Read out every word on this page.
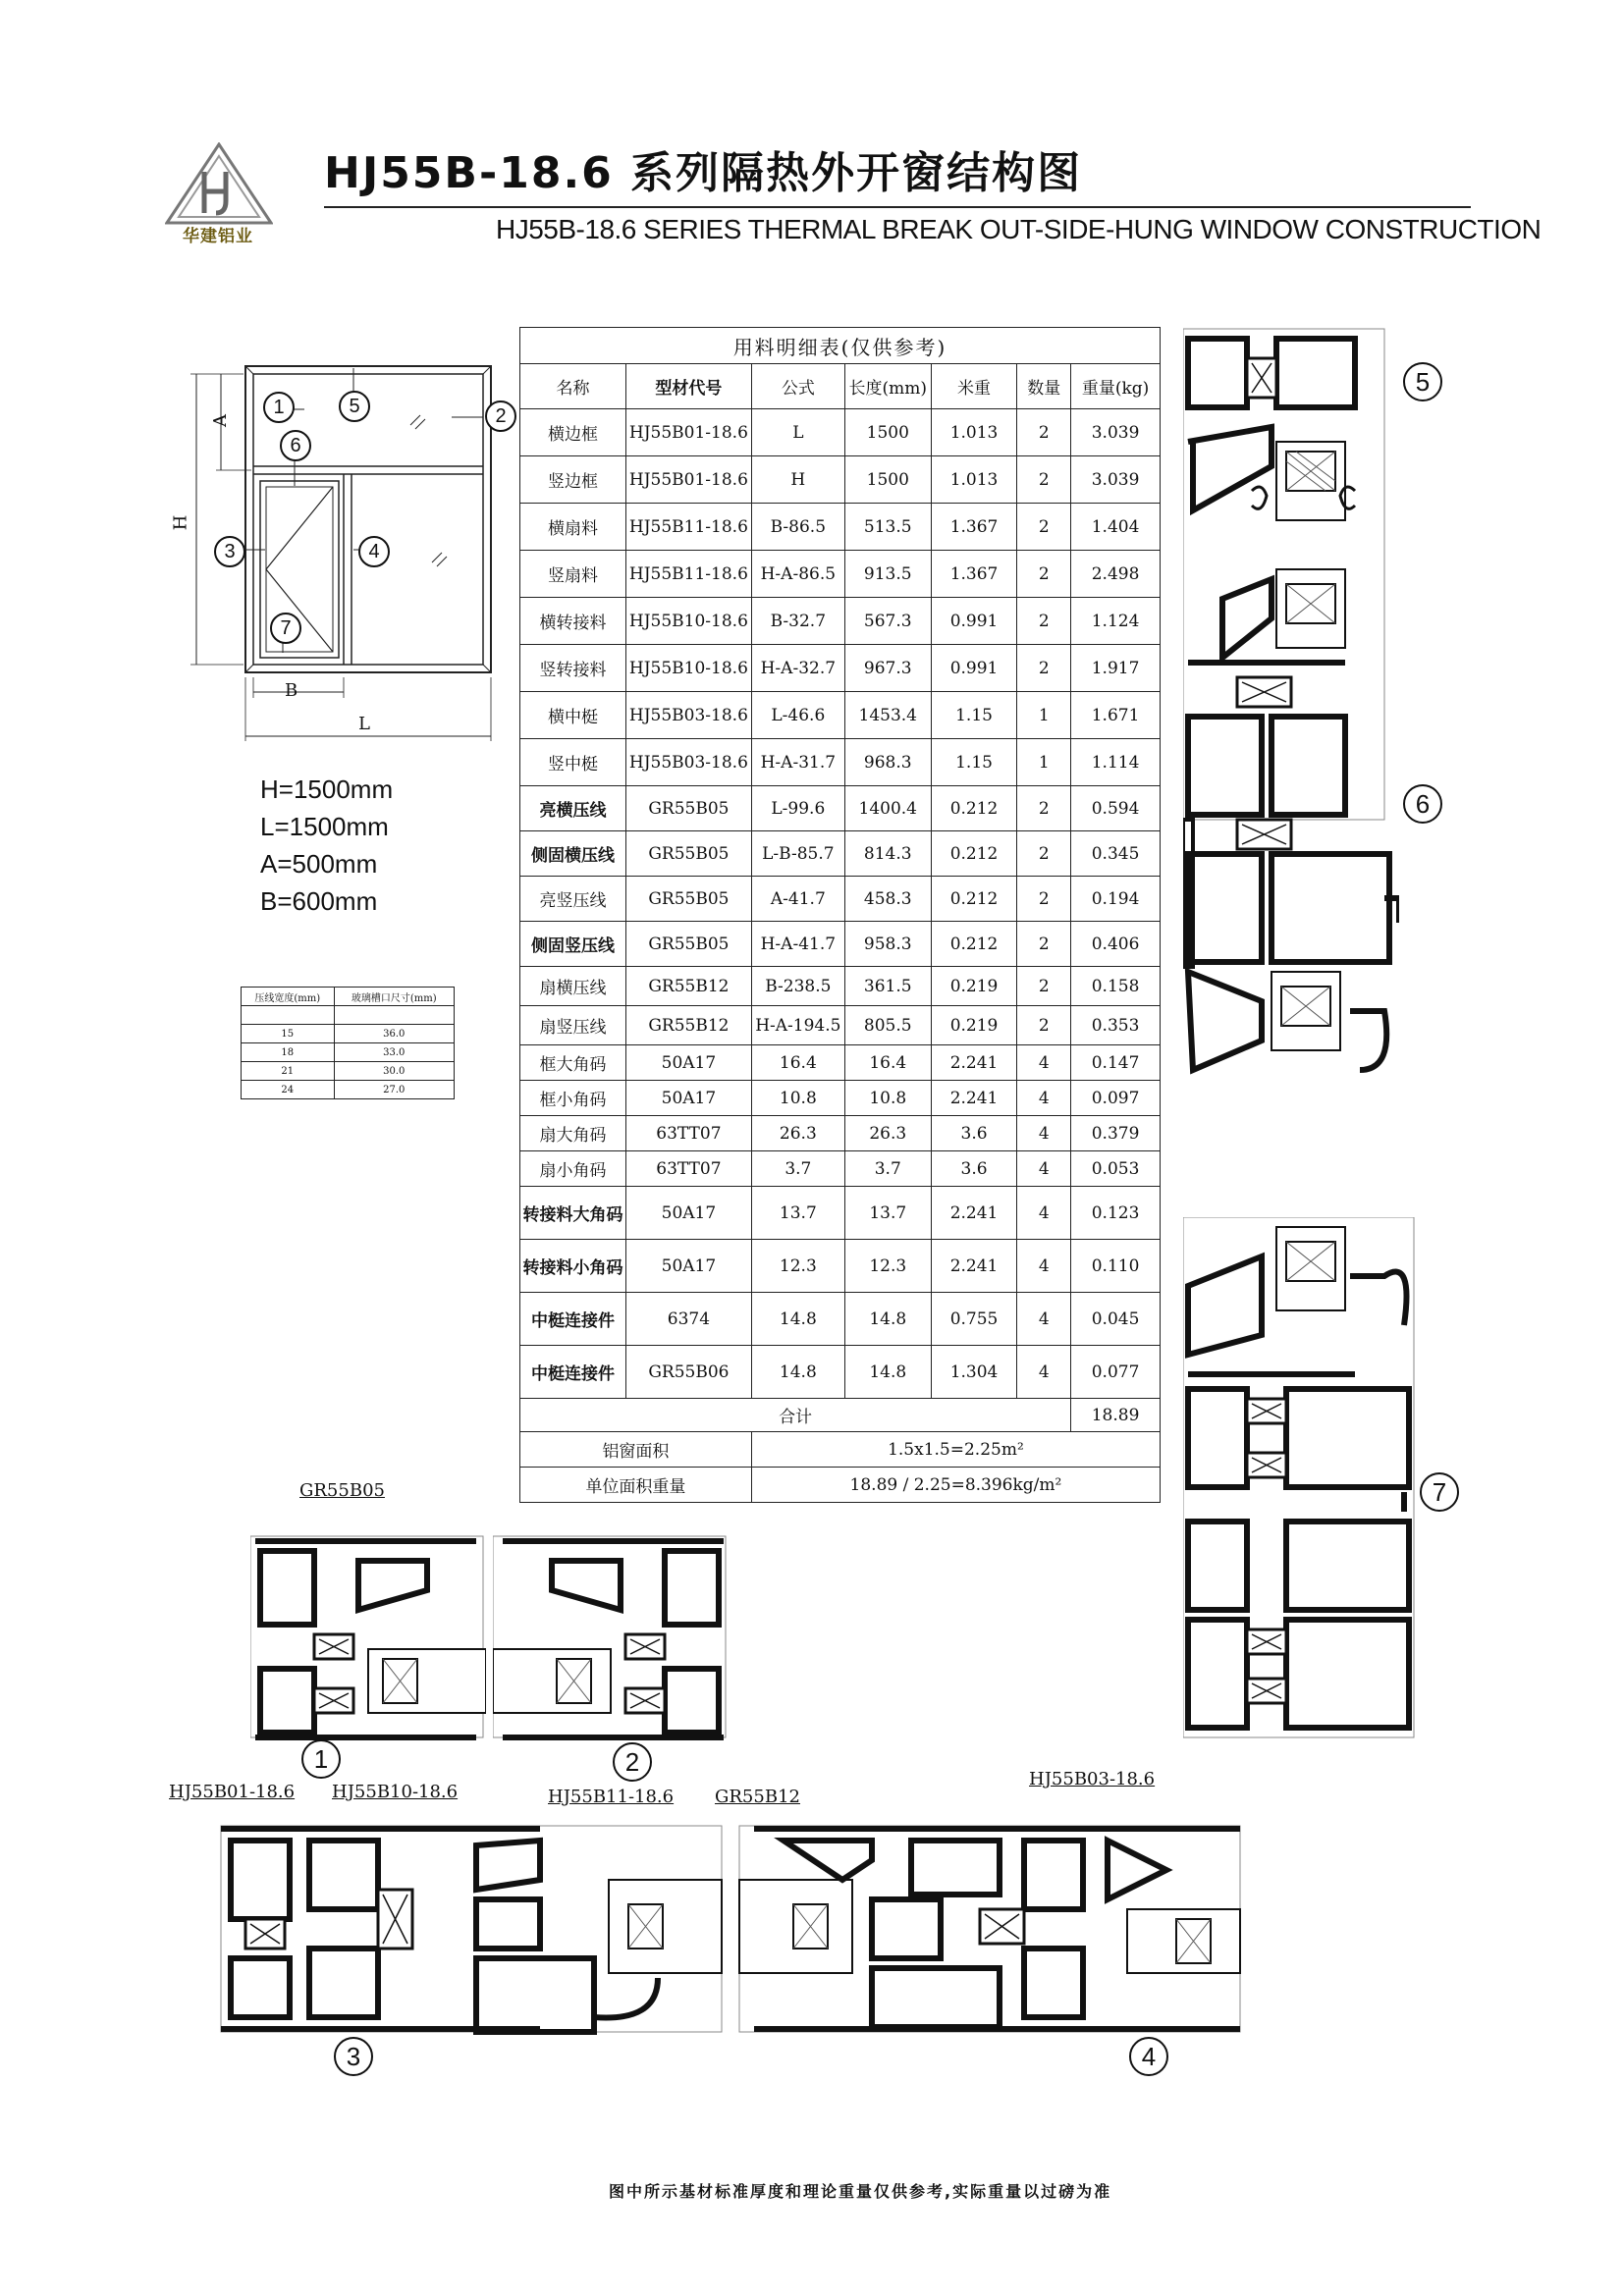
华建铝业
HJ55B-18.6 系列隔热外开窗结构图
HJ55B-18.6 SERIES THERMAL BREAK OUT-SIDE-HUNG WINDOW CONSTRUCTION
H
A
B
L
1	2
3	4
5
6
7
H=1500mm
L=1500mm
A=500mm
B=600mm
压线宽度(mm)	玻璃槽口尺寸(mm)

15	36.0
18	33.0
21	30.0
24	27.0
用料明细表(仅供参考)						
名称	型材代号	公式	长度(mm)	米重	数量	重量(kg)
横边框	HJ55B01-18.6	L	1500	1.013	2	3.039
竖边框	HJ55B01-18.6	H	1500	1.013	2	3.039
横扇料	HJ55B11-18.6	B-86.5	513.5	1.367	2	1.404
竖扇料	HJ55B11-18.6	H-A-86.5	913.5	1.367	2	2.498
横转接料	HJ55B10-18.6	B-32.7	567.3	0.991	2	1.124
竖转接料	HJ55B10-18.6	H-A-32.7	967.3	0.991	2	1.917
横中梃	HJ55B03-18.6	L-46.6	1453.4	1.15	1	1.671
竖中梃	HJ55B03-18.6	H-A-31.7	968.3	1.15	1	1.114
亮横压线	GR55B05	L-99.6	1400.4	0.212	2	0.594
侧固横压线	GR55B05	L-B-85.7	814.3	0.212	2	0.345
亮竖压线	GR55B05	A-41.7	458.3	0.212	2	0.194
侧固竖压线	GR55B05	H-A-41.7	958.3	0.212	2	0.406
扇横压线	GR55B12	B-238.5	361.5	0.219	2	0.158
扇竖压线	GR55B12	H-A-194.5	805.5	0.219	2	0.353
框大角码	50A17	16.4	16.4	2.241	4	0.147
框小角码	50A17	10.8	10.8	2.241	4	0.097
扇大角码	63TT07	26.3	26.3	3.6	4	0.379
扇小角码	63TT07	3.7	3.7	3.6	4	0.053
转接料大角码	50A17	13.7	13.7	2.241	4	0.123
转接料小角码	50A17	12.3	12.3	2.241	4	0.110
中梃连接件	6374	14.8	14.8	0.755	4	0.045
中梃连接件	GR55B06	14.8	14.8	1.304	4	0.077
合计						18.89
铝窗面积		1.5x1.5=2.25m²				
单位面积重量		18.89 / 2.25=8.396kg/m²				
5
6
7
GR55B05
1	2
HJ55B01-18.6 HJ55B10-18.6	HJ55B11-18.6 GR55B12
HJ55B03-18.6
3	4
图中所示基材标准厚度和理论重量仅供参考,实际重量以过磅为准
